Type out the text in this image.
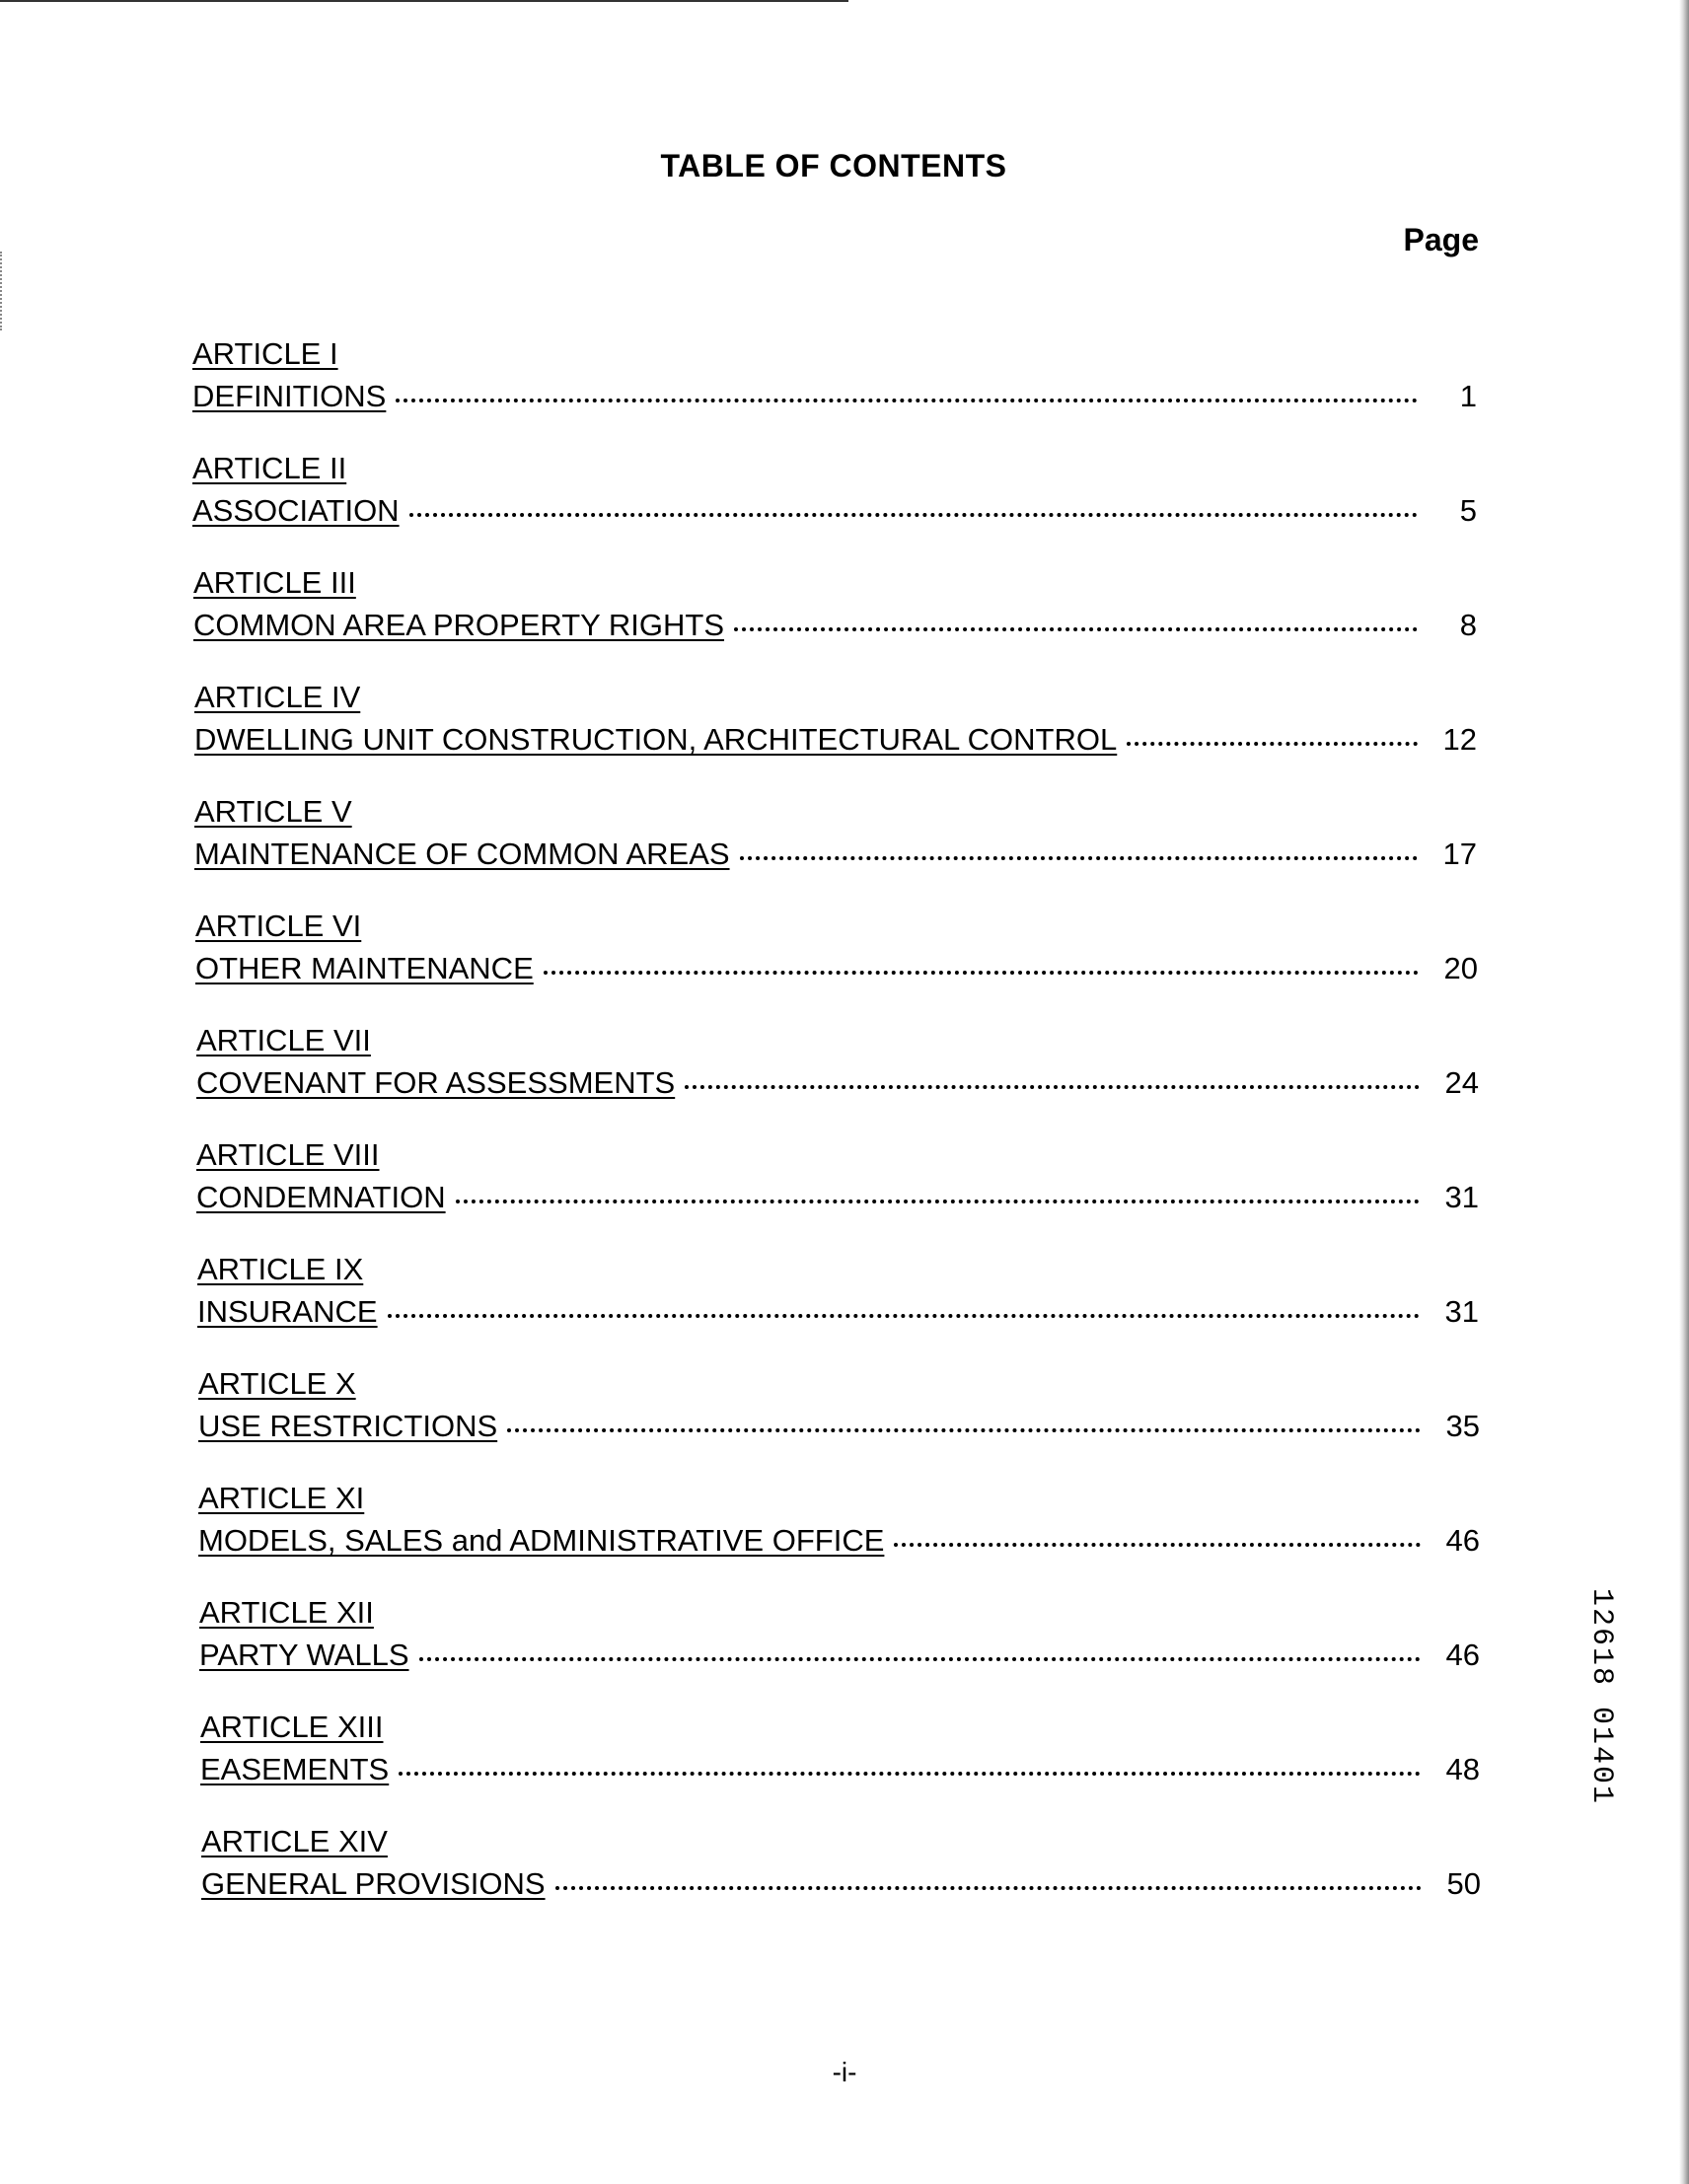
TABLE OF CONTENTS
Page
ARTICLE I
DEFINITIONS	1
ARTICLE II
ASSOCIATION	5
ARTICLE III
COMMON AREA PROPERTY RIGHTS	8
ARTICLE IV
DWELLING UNIT CONSTRUCTION, ARCHITECTURAL CONTROL	12
ARTICLE V
MAINTENANCE OF COMMON AREAS	17
ARTICLE VI
OTHER MAINTENANCE	20
ARTICLE VII
COVENANT FOR ASSESSMENTS	24
ARTICLE VIII
CONDEMNATION	31
ARTICLE IX
INSURANCE	31
ARTICLE X
USE RESTRICTIONS	35
ARTICLE XI
MODELS, SALES and ADMINISTRATIVE OFFICE	46
ARTICLE XII
PARTY WALLS	46
ARTICLE XIII
EASEMENTS	48
ARTICLE XIV
GENERAL PROVISIONS	50
12618 01401
-i-
